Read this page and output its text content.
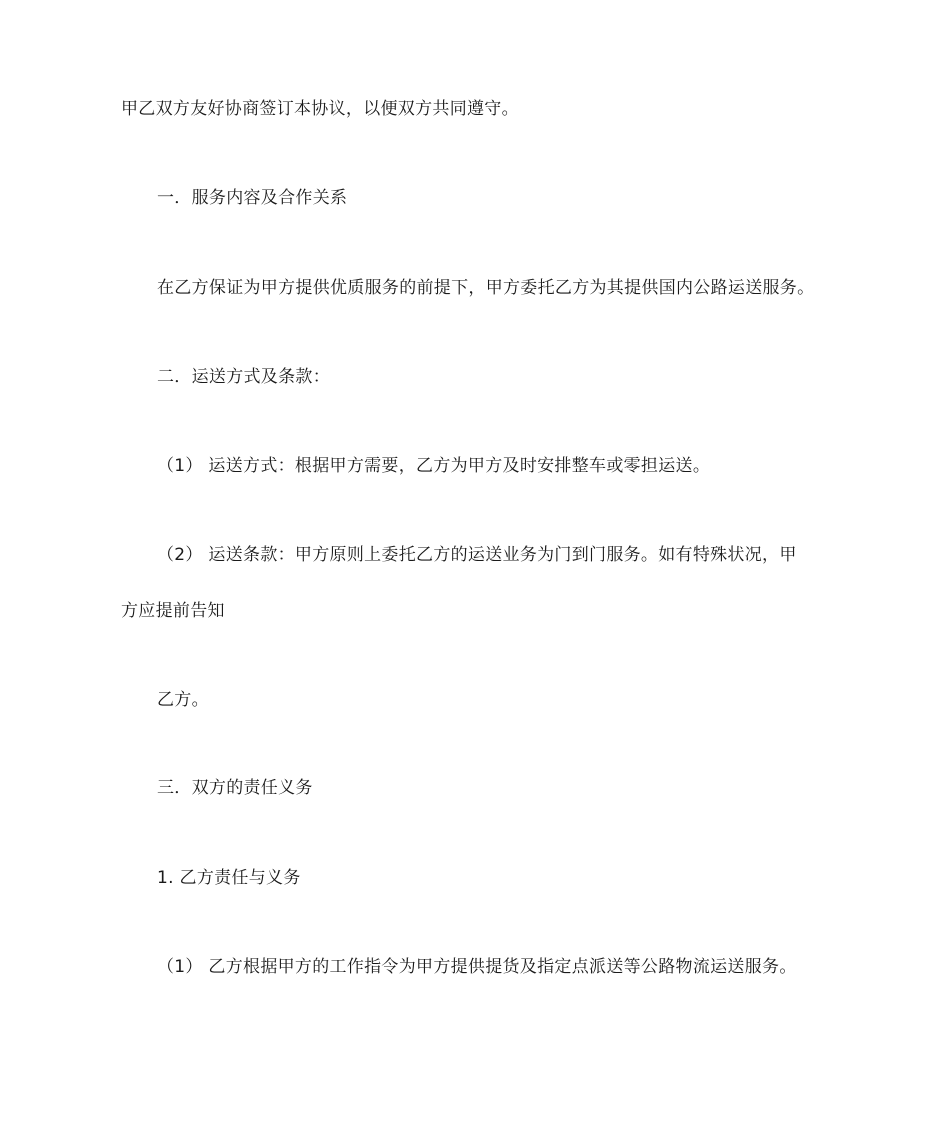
甲乙双方友好协商签订本协议，以便双方共同遵守。
一．服务内容及合作关系
在乙方保证为甲方提供优质服务的前提下，甲方委托乙方为其提供国内公路运送服务。
二．运送方式及条款：
（1） 运送方式：根据甲方需要，乙方为甲方及时安排整车或零担运送。
（2） 运送条款：甲方原则上委托乙方的运送业务为门到门服务。如有特殊状况，甲
方应提前告知
乙方。
三．双方的责任义务
1. 乙方责任与义务
（1） 乙方根据甲方的工作指令为甲方提供提货及指定点派送等公路物流运送服务。
